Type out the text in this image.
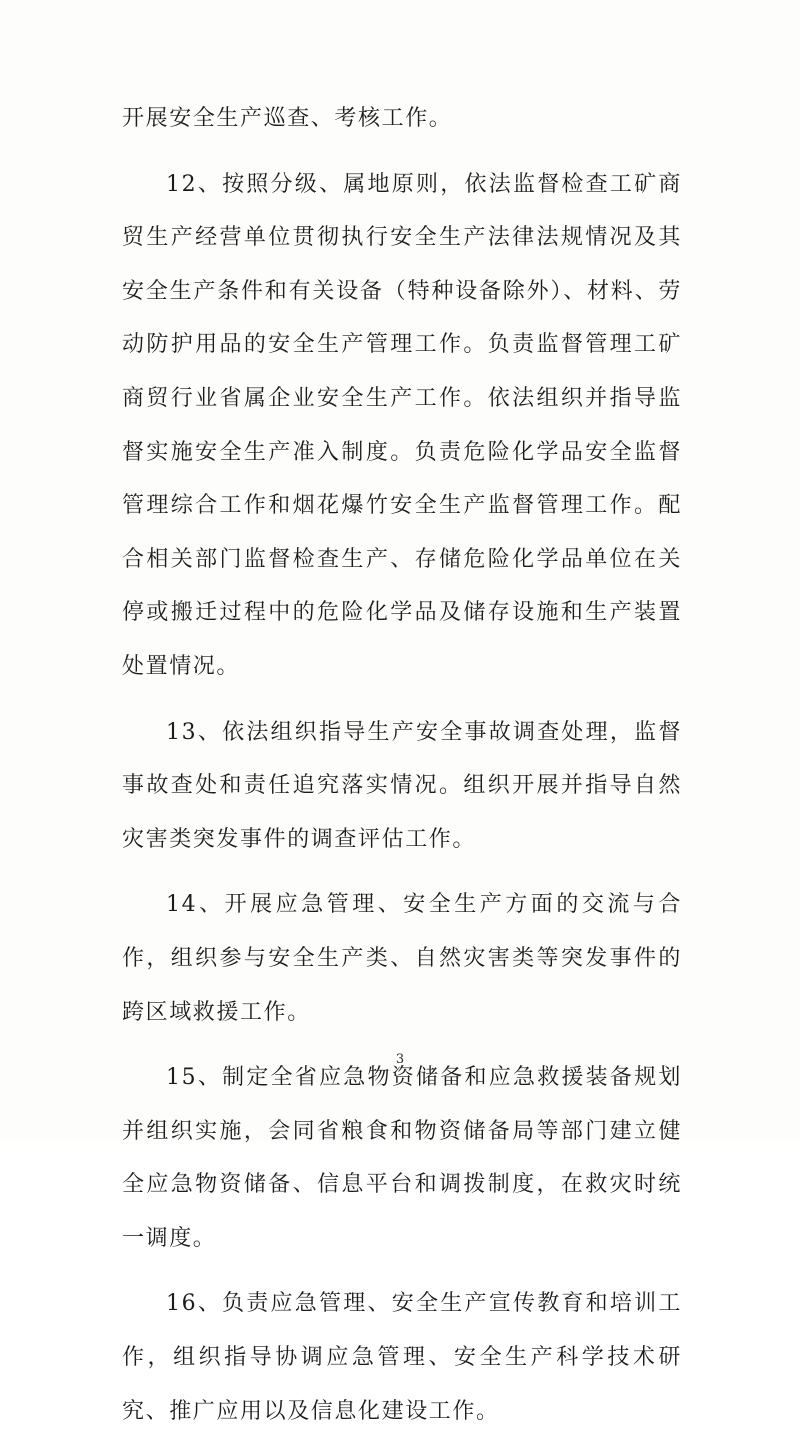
开展安全生产巡查、考核工作。

12、按照分级、属地原则，依法监督检查工矿商贸生产经营单位贯彻执行安全生产法律法规情况及其安全生产条件和有关设备（特种设备除外）、材料、劳动防护用品的安全生产管理工作。负责监督管理工矿商贸行业省属企业安全生产工作。依法组织并指导监督实施安全生产准入制度。负责危险化学品安全监督管理综合工作和烟花爆竹安全生产监督管理工作。配合相关部门监督检查生产、存储危险化学品单位在关停或搬迁过程中的危险化学品及储存设施和生产装置处置情况。

13、依法组织指导生产安全事故调查处理，监督事故查处和责任追究落实情况。组织开展并指导自然灾害类突发事件的调查评估工作。

14、开展应急管理、安全生产方面的交流与合作，组织参与安全生产类、自然灾害类等突发事件的跨区域救援工作。

15、制定全省应急物资储备和应急救援装备规划并组织实施，会同省粮食和物资储备局等部门建立健全应急物资储备、信息平台和调拨制度，在救灾时统一调度。

16、负责应急管理、安全生产宣传教育和培训工作，组织指导协调应急管理、安全生产科学技术研究、推广应用以及信息化建设工作。

3
